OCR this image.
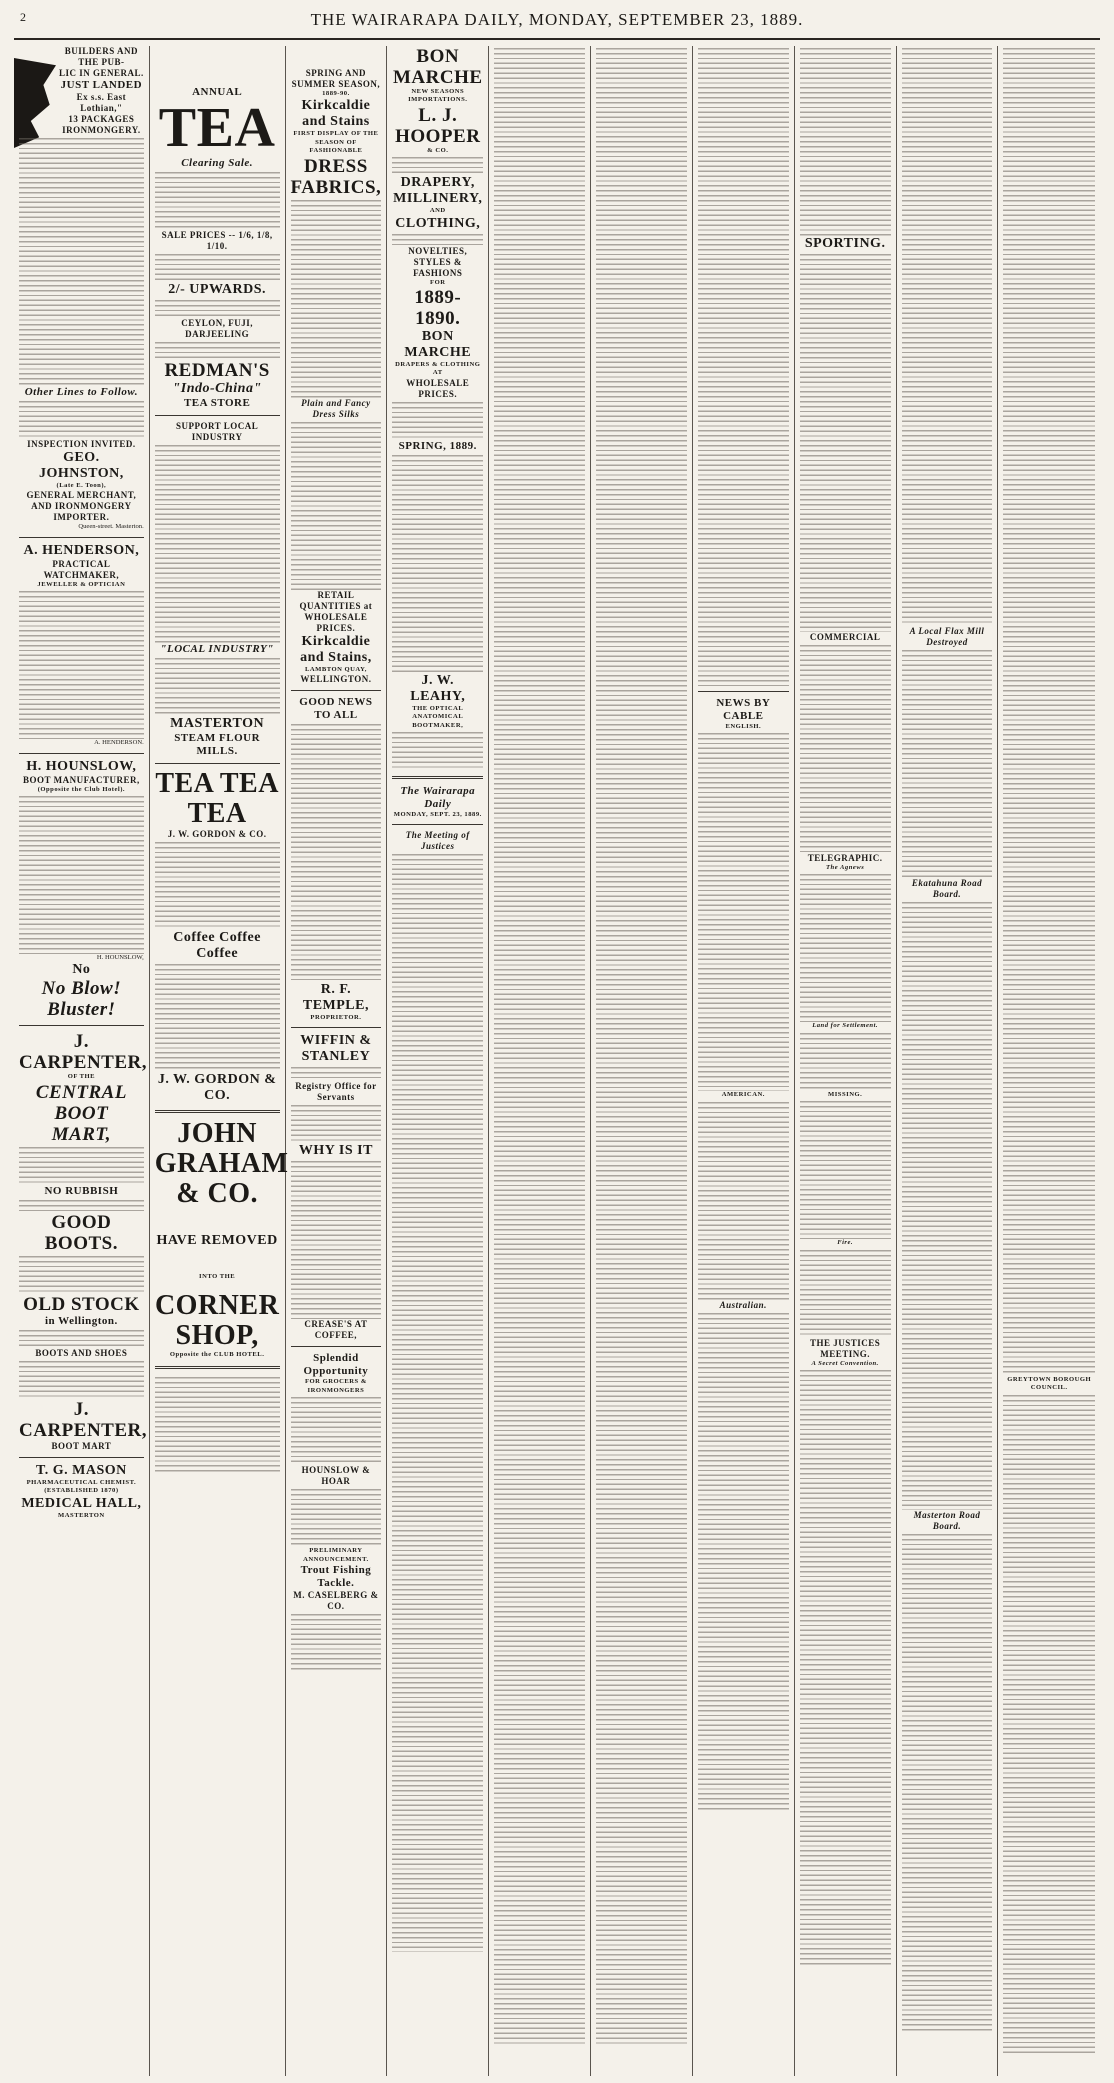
2	THE WAIRARAPA DAILY, MONDAY, SEPTEMBER 23, 1889.
BUILDERS AND THE PUB-
LIC IN GENERAL.
JUST LANDED
Ex s.s. East Lothian,"
13 PACKAGES IRONMONGERY.
Other Lines to Follow.
INSPECTION INVITED.
GEO. JOHNSTON,
(Late E. Toon),
GENERAL MERCHANT, AND IRONMONGERY IMPORTER.
Queen-street. Masterton.
A. HENDERSON,
PRACTICAL WATCHMAKER,
JEWELLER & OPTICIAN
A. HENDERSON.
H. HOUNSLOW,
BOOT MANUFACTURER,
(Opposite the Club Hotel).
H. HOUNSLOW,
No
No Blow!
Bluster!
J. CARPENTER,
OF THE
CENTRAL BOOT
MART,
NO RUBBISH
GOOD BOOTS.
OLD STOCK
in Wellington.
BOOTS AND SHOES
J. CARPENTER,
BOOT MART
T. G. MASON
PHARMACEUTICAL CHEMIST.
(ESTABLISHED 1870)
MEDICAL HALL,
MASTERTON
ANNUAL
TEA
Clearing Sale.
SALE PRICES -- 1/6, 1/8, 1/10.
2/- UPWARDS.
CEYLON, FUJI, DARJEELING
REDMAN'S
"Indo-China"
TEA STORE
SUPPORT LOCAL INDUSTRY
"LOCAL INDUSTRY"
MASTERTON
STEAM FLOUR MILLS.
TEA TEA TEA
J. W. GORDON & CO.
Coffee Coffee Coffee
J. W. GORDON & CO.
JOHN GRAHAM
& CO.
HAVE REMOVED
INTO THE
CORNER SHOP,
Opposite the CLUB HOTEL.
SPRING AND SUMMER SEASON,
1889-90.
Kirkcaldie and Stains
FIRST DISPLAY OF THE SEASON OF FASHIONABLE
DRESS FABRICS,
Plain and Fancy Dress Silks
RETAIL QUANTITIES at WHOLESALE PRICES.
Kirkcaldie and Stains,
LAMBTON QUAY,
WELLINGTON.
GOOD NEWS TO ALL
R. F. TEMPLE,
PROPRIETOR.
WIFFIN & STANLEY
Registry Office for Servants
WHY IS IT
CREASE'S AT COFFEE,
Splendid Opportunity
FOR GROCERS & IRONMONGERS
HOUNSLOW & HOAR
PRELIMINARY ANNOUNCEMENT.
Trout Fishing Tackle.
M. CASELBERG & CO.
BON MARCHE
NEW SEASONS IMPORTATIONS.
L. J. HOOPER
& CO.
DRAPERY,
MILLINERY,
AND
CLOTHING,
NOVELTIES, STYLES &
FASHIONS
FOR
1889-1890.
BON MARCHE
DRAPERS & CLOTHING AT
WHOLESALE PRICES.
SPRING, 1889.
J. W. LEAHY,
THE OPTICAL
ANATOMICAL BOOTMAKER,
The Wairarapa Daily
MONDAY, SEPT. 23, 1889.
The Meeting of Justices
NEWS BY CABLE
ENGLISH.
AMERICAN.
Australian.
SPORTING.
COMMERCIAL
TELEGRAPHIC.
The Agnews
Land for Settlement.
MISSING.
Fire.
THE JUSTICES MEETING.
A Secret Convention.
A Local Flax Mill Destroyed
Ekatahuna Road Board.
Masterton Road Board.
GREYTOWN BOROUGH COUNCIL.
